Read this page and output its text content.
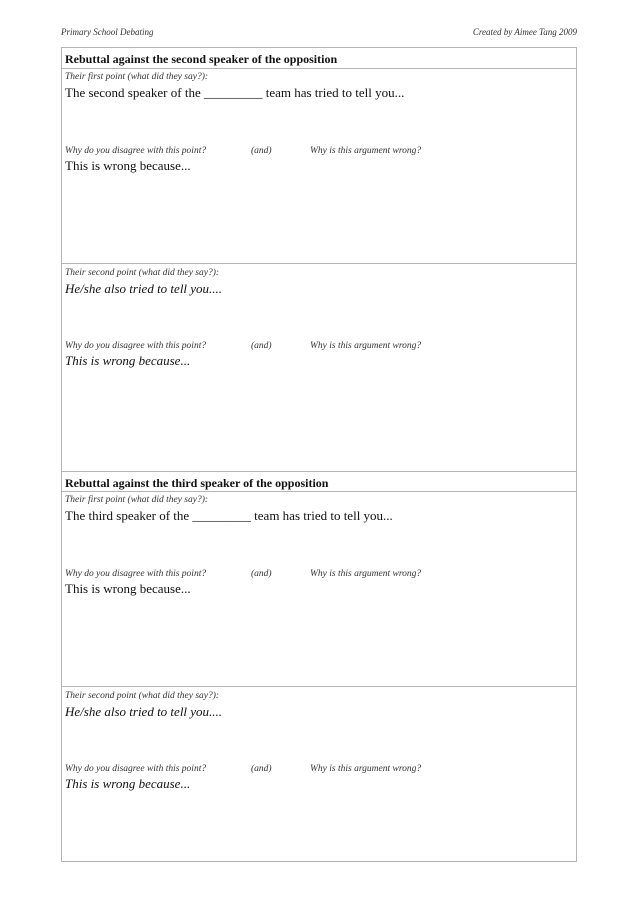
Primary School Debating	Created by Aimee Tang 2009
Rebuttal against the second speaker of the opposition
Their first point (what did they say?):
The second speaker of the _________ team has tried to tell you...
Why do you disagree with this point?	(and)	Why is this argument wrong?
This is wrong because...
Their second point (what did they say?):
He/she also tried to tell you....
Why do you disagree with this point?	(and)	Why is this argument wrong?
This is wrong because...
Rebuttal against the third speaker of the opposition
Their first point (what did they say?):
The third speaker of the _________ team has tried to tell you...
Why do you disagree with this point?	(and)	Why is this argument wrong?
This is wrong because...
Their second point (what did they say?):
He/she also tried to tell you....
Why do you disagree with this point?	(and)	Why is this argument wrong?
This is wrong because...
